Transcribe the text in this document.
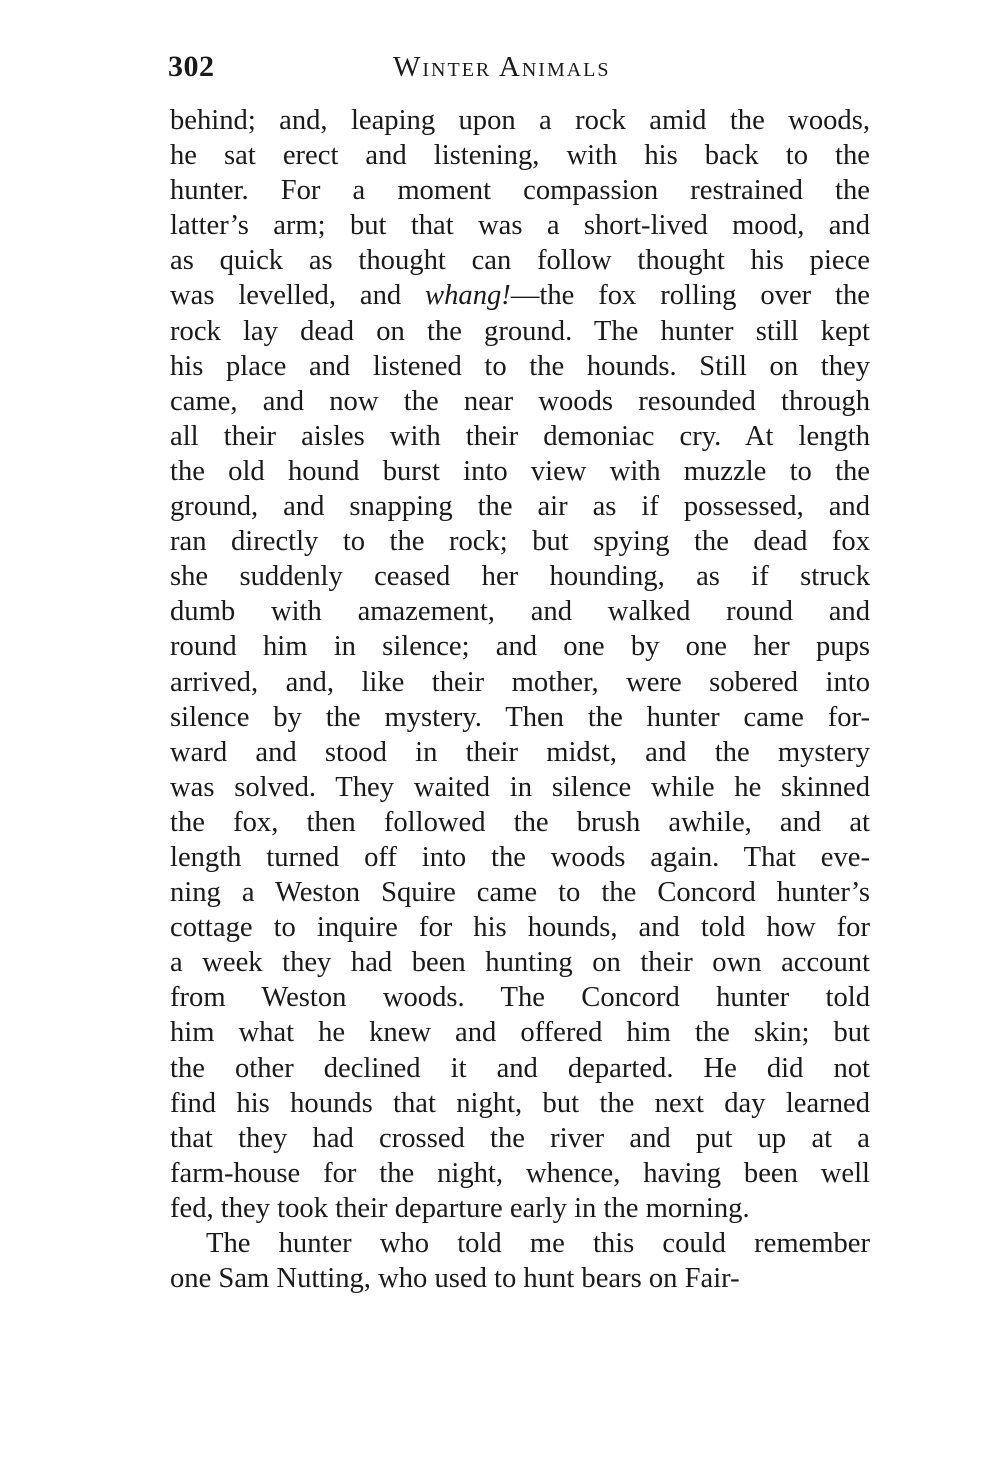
302	Winter Animals
behind; and, leaping upon a rock amid the woods,
he sat erect and listening, with his back to the
hunter. For a moment compassion restrained the
latter’s arm; but that was a short-lived mood, and
as quick as thought can follow thought his piece
was levelled, and whang!—the fox rolling over the
rock lay dead on the ground. The hunter still kept
his place and listened to the hounds. Still on they
came, and now the near woods resounded through
all their aisles with their demoniac cry. At length
the old hound burst into view with muzzle to the
ground, and snapping the air as if possessed, and
ran directly to the rock; but spying the dead fox
she suddenly ceased her hounding, as if struck
dumb with amazement, and walked round and
round him in silence; and one by one her pups
arrived, and, like their mother, were sobered into
silence by the mystery. Then the hunter came for-
ward and stood in their midst, and the mystery
was solved. They waited in silence while he skinned
the fox, then followed the brush awhile, and at
length turned off into the woods again. That eve-
ning a Weston Squire came to the Concord hunter’s
cottage to inquire for his hounds, and told how for
a week they had been hunting on their own account
from Weston woods. The Concord hunter told
him what he knew and offered him the skin; but
the other declined it and departed. He did not
find his hounds that night, but the next day learned
that they had crossed the river and put up at a
farm-house for the night, whence, having been well
fed, they took their departure early in the morning.
The hunter who told me this could remember
one Sam Nutting, who used to hunt bears on Fair-
